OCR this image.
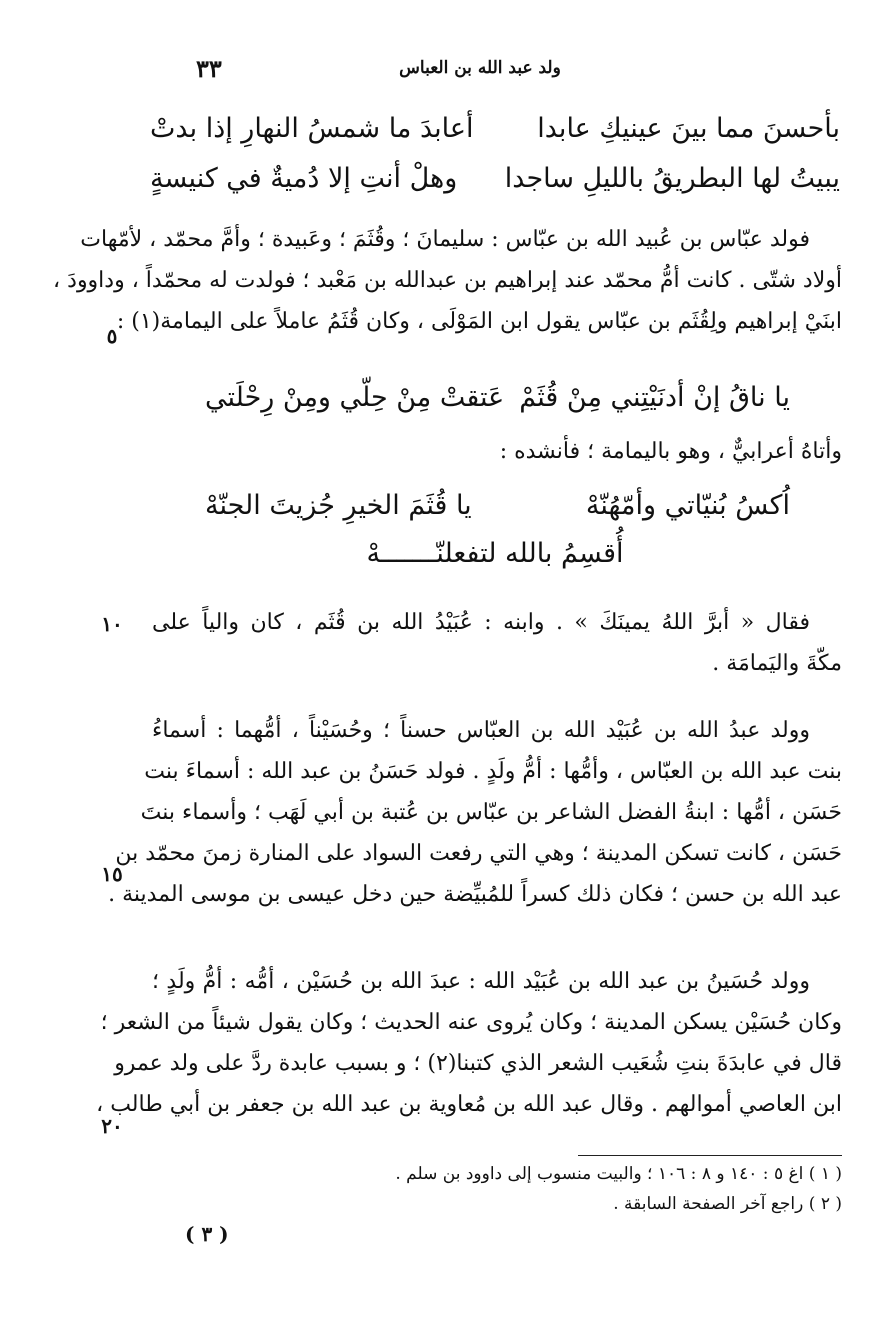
٣٣	ولد عبد الله بن العباس
أعابدَ ما شمسُ النهارِ إذا بدتْ بأحسنَ مما بينَ عينيكِ عابدا
وهلْ أنتِ إلا دُميةٌ في كنيسةٍ يبيتُ لها البطريقُ بالليلِ ساجدا
فولد عبّاس بن عُبيد الله بن عبّاس : سليمانَ ؛ وقُثَمَ ؛ وعَبيدة ؛ وأمَّ محمّد ، لأمّهات
أولاد شتّى . كانت أمُّ محمّد عند إبراهيم بن عبدالله بن مَعْبد ؛ فولدت له محمّداً ، وداوودَ ،
ابنَيْ إبراهيم ولِقُثَم بن عبّاس يقول ابن المَوْلَى ، وكان قُثَمُ عاملاً على اليمامة(١) :
٥
عَتقتْ مِنْ حِلّي ومِنْ رِحْلَتي يا ناقُ إنْ أدنَيْتِني مِنْ قُثَمْ
وأتاهُ أعرابيٌّ ، وهو باليمامة ؛ فأنشده :
يا قُثَمَ الخيرِ جُزيتَ الجنّهْ	اُكسُ بُنيّاتي وأمّهُنّهْ
أُقسِمُ بالله لتفعلنّـــــــهْ
فقال « أبرَّ اللهُ يمينَكَ » . وابنه : عُبَيْدُ الله بن قُثَم ، كان والياً على
مكّةَ واليَمامَة .
١٠
وولد عبدُ الله بن عُبَيْد الله بن العبّاس حسناً ؛ وحُسَيْناً ، أمُّهما : أسماءُ
بنت عبد الله بن العبّاس ، وأمُّها : أمُّ ولَدٍ . فولد حَسَنُ بن عبد الله : أسماءَ بنت
حَسَن ، أمُّها : ابنةُ الفضل الشاعر بن عبّاس بن عُتبة بن أبي لَهَب ؛ وأسماء بنتَ
حَسَن ، كانت تسكن المدينة ؛ وهي التي رفعت السواد على المنارة زمنَ محمّد بن
عبد الله بن حسن ؛ فكان ذلك كسراً للمُبيِّضة حين دخل عيسى بن موسى المدينة .
١٥
وولد حُسَينُ بن عبد الله بن عُبَيْد الله : عبدَ الله بن حُسَيْن ، أمُّه : أمُّ ولَدٍ ؛
وكان حُسَيْن يسكن المدينة ؛ وكان يُروى عنه الحديث ؛ وكان يقول شيئاً من الشعر ؛
قال في عابدَةَ بنتِ شُعَيب الشعر الذي كتبنا(٢) ؛ و بسبب عابدة ردَّ على ولد عمرو
ابن العاصي أموالهم . وقال عبد الله بن مُعاوية بن عبد الله بن جعفر بن أبي طالب ،
٢٠
( ١ ) اغ ٥ : ١٤٠ و ٨ : ١٠٦ ؛ والبيت منسوب إلى داوود بن سلم .
( ٢ ) راجع آخر الصفحة السابقة .
( ٣ )
